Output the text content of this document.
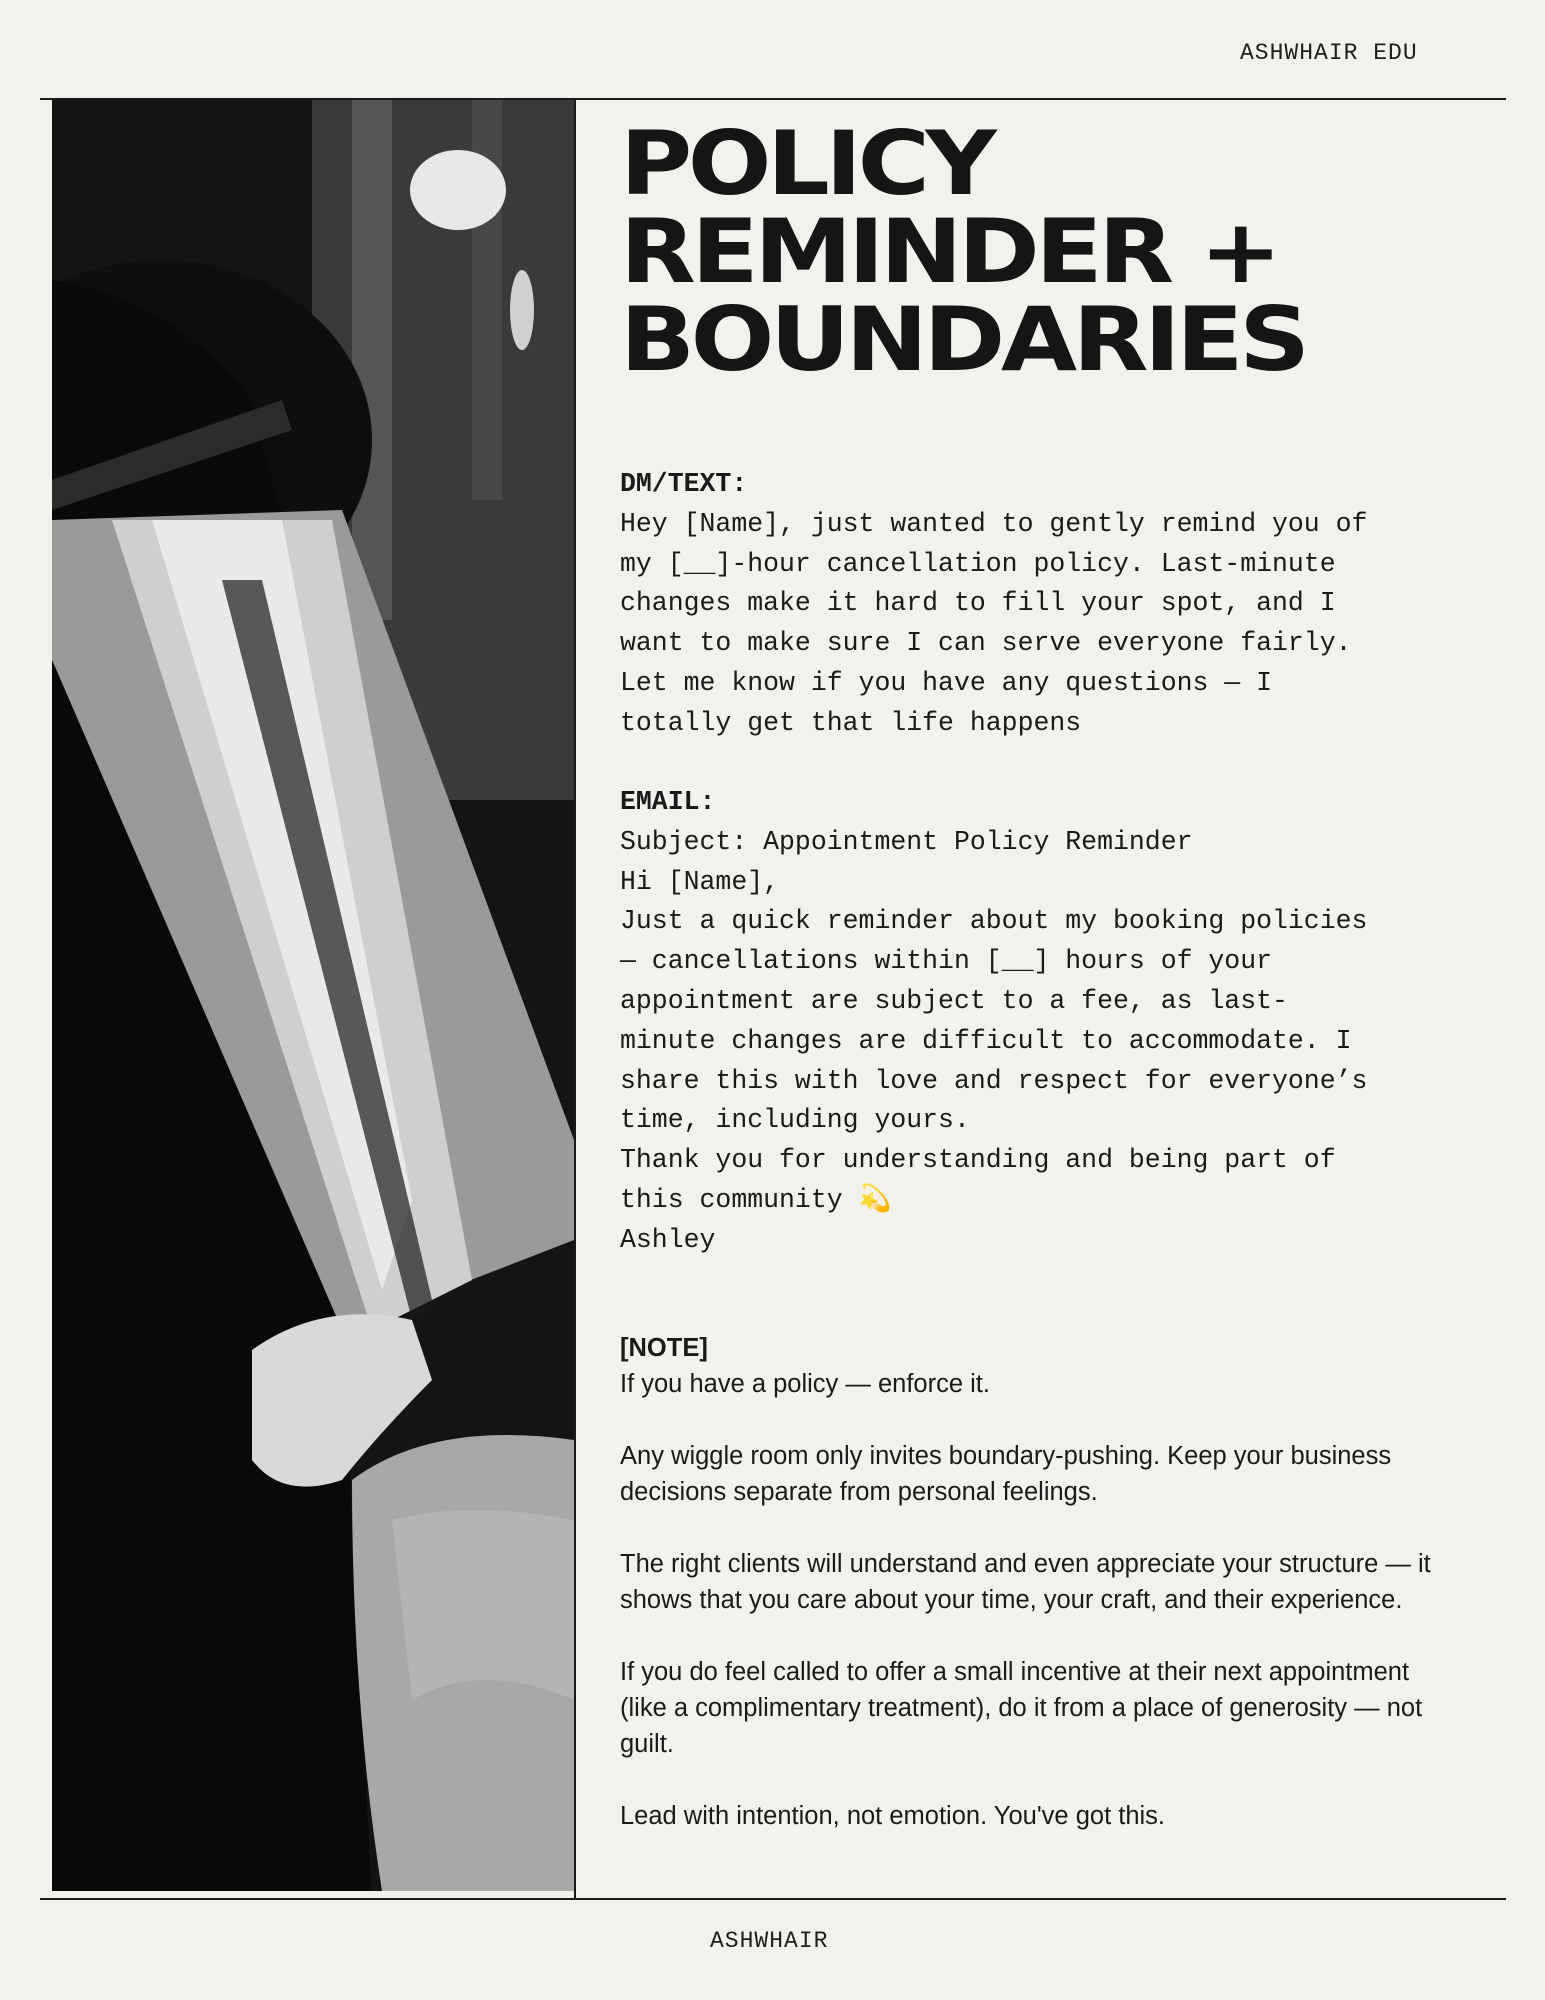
ASHWHAIR EDU
POLICY
REMINDER +
BOUNDARIES

DM/TEXT:

Hey [Name], just wanted to gently remind you of

my [__]-hour cancellation policy. Last-minute

changes make it hard to fill your spot, and I

want to make sure I can serve everyone fairly.

Let me know if you have any questions — I

totally get that life happens

EMAIL:

Subject: Appointment Policy Reminder

Hi [Name],

Just a quick reminder about my booking policies

— cancellations within [__] hours of your

appointment are subject to a fee, as last-

minute changes are difficult to accommodate. I

share this with love and respect for everyone’s

time, including yours.

Thank you for understanding and being part of

this community 💫

Ashley

[NOTE]

If you have a policy — enforce it.

Any wiggle room only invites boundary-pushing. Keep your business decisions separate from personal feelings.

The right clients will understand and even appreciate your structure — it shows that you care about your time, your craft, and their experience.

If you do feel called to offer a small incentive at their next appointment (like a complimentary treatment), do it from a place of generosity — not guilt.

Lead with intention, not emotion. You've got this.

ASHWHAIR
